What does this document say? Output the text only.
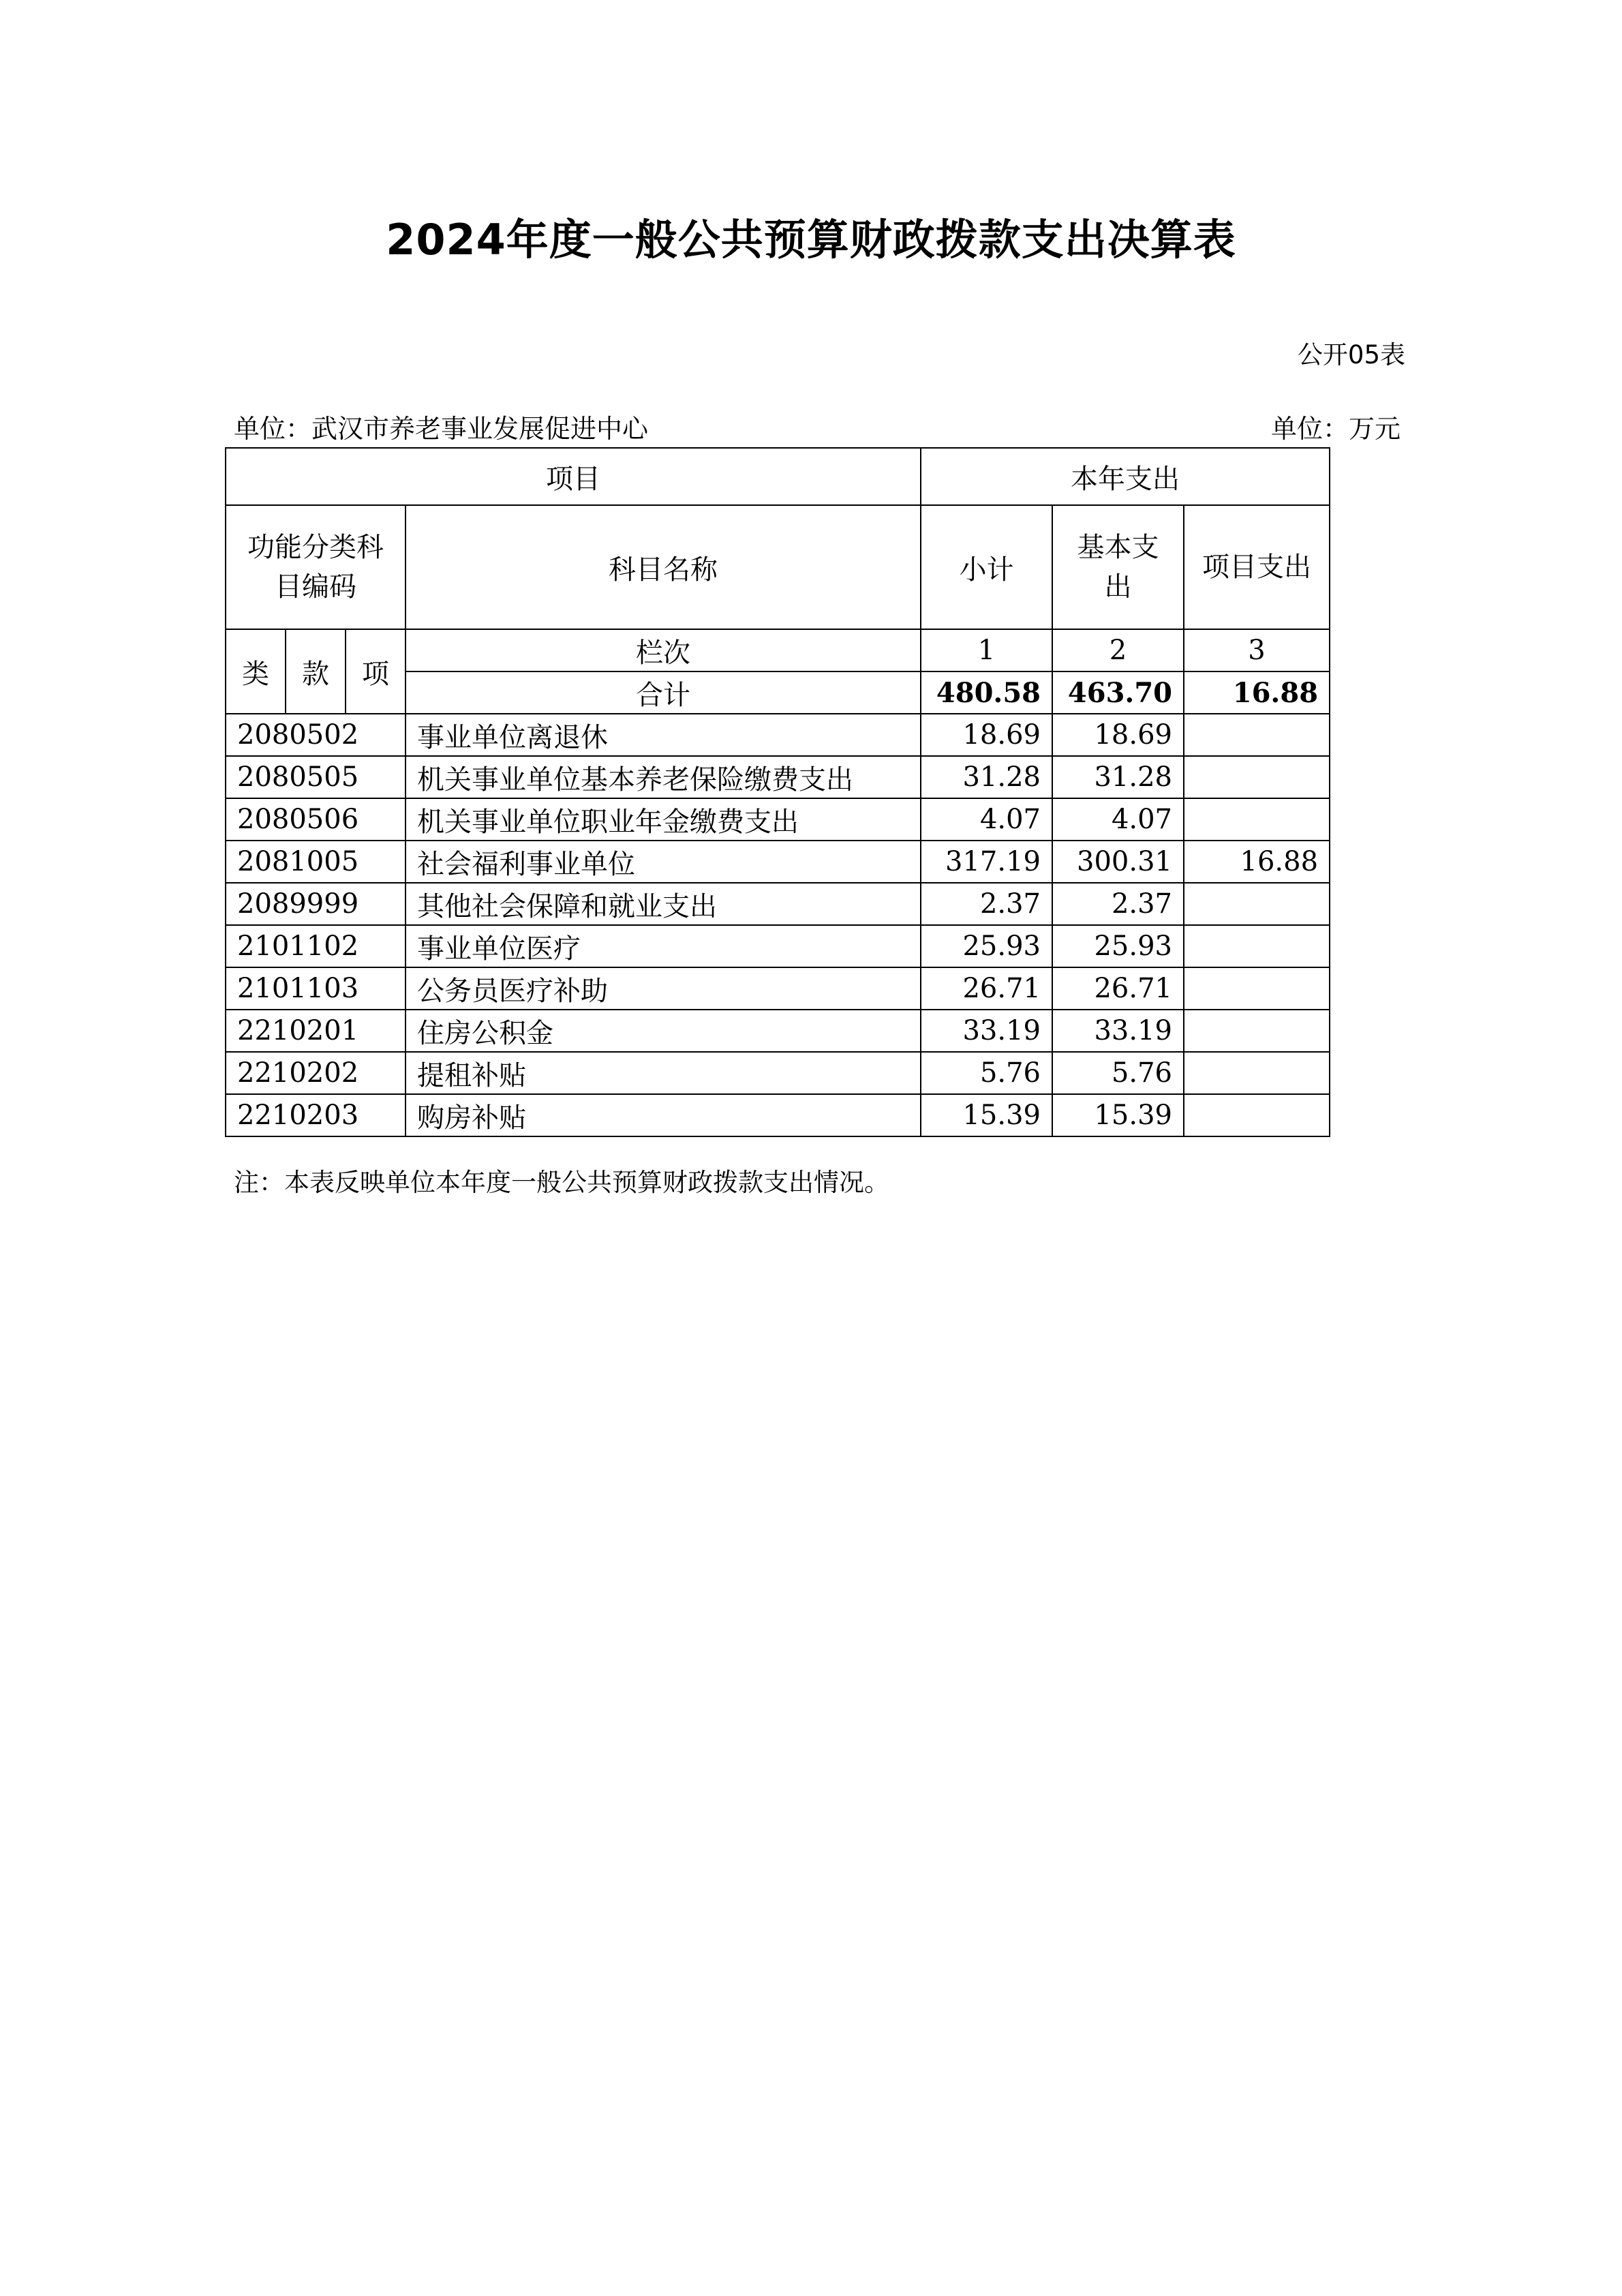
2024年度一般公共预算财政拨款支出决算表
公开05表
单位：武汉市养老事业发展促进中心	单位：万元
项目				本年支出		
功能分类科目编码			科目名称	小计	基本支出	项目支出
类	款	项	栏次	1	2	3
			合计	480.58	463.70	16.88
2080502			事业单位离退休	18.69	18.69	
2080505			机关事业单位基本养老保险缴费支出	31.28	31.28	
2080506			机关事业单位职业年金缴费支出	4.07	4.07	
2081005			社会福利事业单位	317.19	300.31	16.88
2089999			其他社会保障和就业支出	2.37	2.37	
2101102			事业单位医疗	25.93	25.93	
2101103			公务员医疗补助	26.71	26.71	
2210201			住房公积金	33.19	33.19	
2210202			提租补贴	5.76	5.76	
2210203			购房补贴	15.39	15.39	
注：本表反映单位本年度一般公共预算财政拨款支出情况。
